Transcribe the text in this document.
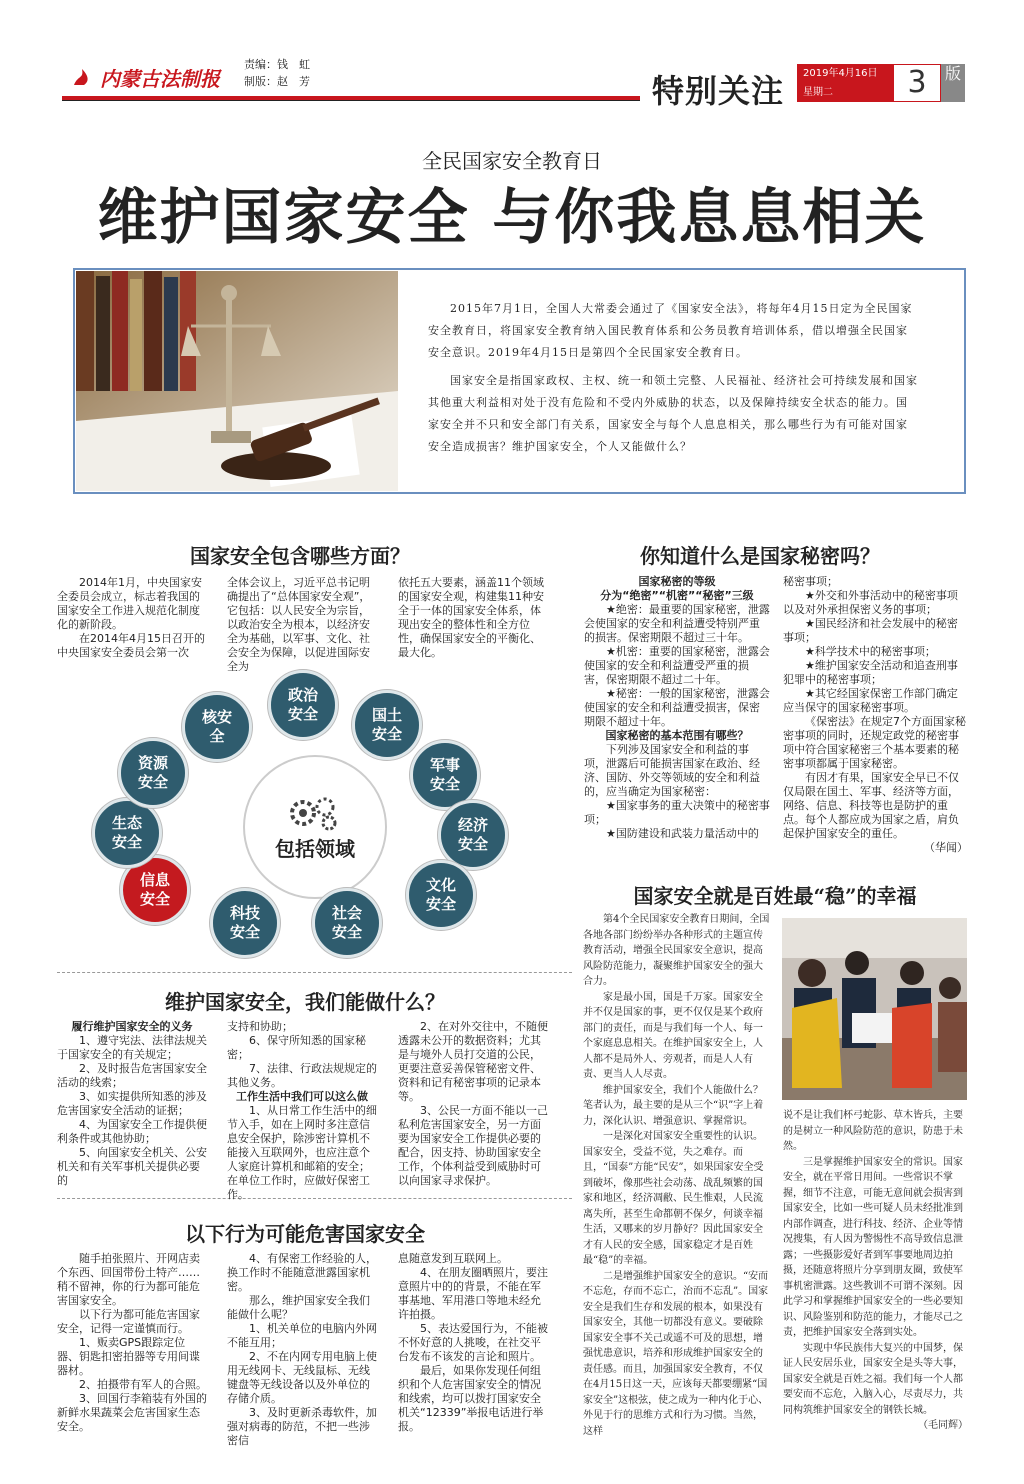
内蒙古法制报
责编：钱　虹
制版：赵　芳	特别关注 2019年4月16日
星期二	3	版
全民国家安全教育日
维护国家安全 与你我息息相关

2015年7月1日，全国人大常委会通过了《国家安全法》，将每年4月15日定为全民国家安全教育日，将国家安全教育纳入国民教育体系和公务员教育培训体系，借以增强全民国家安全意识。2019年4月15日是第四个全民国家安全教育日。

国家安全是指国家政权、主权、统一和领土完整、人民福祉、经济社会可持续发展和国家其他重大利益相对处于没有危险和不受内外威胁的状态，以及保障持续安全状态的能力。国家安全并不只和安全部门有关系，国家安全与每个人息息相关，那么哪些行为有可能对国家安全造成损害？维护国家安全，个人又能做什么？

国家安全包含哪些方面？

2014年1月，中央国家安全委员会成立，标志着我国的国家安全工作进入规范化制度化的新阶段。

在2014年4月15日召开的中央国家安全委员会第一次

全体会议上，习近平总书记明确提出了“总体国家安全观”，它包括：以人民安全为宗旨，以政治安全为根本，以经济安全为基础，以军事、文化、社会安全为保障，以促进国际安全为

依托五大要素，涵盖11个领域的国家安全观，构建集11种安全于一体的国家安全体系，体现出安全的整体性和全方位性，确保国家安全的平衡化、最大化。

包括领域
政治安全	国土安全
军事安全
经济安全
文化安全
社会安全
科技安全
信息安全
生态安全
资源安全
核安全
你知道什么是国家秘密吗？

国家秘密的等级

分为“绝密”“机密”“秘密”三级

★绝密：最重要的国家秘密，泄露会使国家的安全和利益遭受特别严重的损害。保密期限不超过三十年。

★机密：重要的国家秘密，泄露会使国家的安全和利益遭受严重的损害，保密期限不超过二十年。

★秘密：一般的国家秘密，泄露会使国家的安全和利益遭受损害，保密期限不超过十年。

国家秘密的基本范围有哪些？

下列涉及国家安全和利益的事项，泄露后可能损害国家在政治、经济、国防、外交等领域的安全和利益的，应当确定为国家秘密：

★国家事务的重大决策中的秘密事项；

★国防建设和武装力量活动中的

秘密事项；

★外交和外事活动中的秘密事项以及对外承担保密义务的事项；

★国民经济和社会发展中的秘密事项；

★科学技术中的秘密事项；

★维护国家安全活动和追查刑事犯罪中的秘密事项；

★其它经国家保密工作部门确定应当保守的国家秘密事项。

《保密法》在规定7个方面国家秘密事项的同时，还规定政党的秘密事项中符合国家秘密三个基本要素的秘密事项都属于国家秘密。

有因才有果，国家安全早已不仅仅局限在国土、军事、经济等方面，网络、信息、科技等也是防护的重点。每个人都应成为国家之盾，肩负起保护国家安全的重任。

（华闻）

维护国家安全，我们能做什么？

履行维护国家安全的义务

1、遵守宪法、法律法规关于国家安全的有关规定；

2、及时报告危害国家安全活动的线索；

3、如实提供所知悉的涉及危害国家安全活动的证据；

4、为国家安全工作提供便利条件或其他协助；

5、向国家安全机关、公安机关和有关军事机关提供必要的

支持和协助；

6、保守所知悉的国家秘密；

7、法律、行政法规规定的其他义务。

工作生活中我们可以这么做

1、从日常工作生活中的细节入手，如在上网时多注意信息安全保护，除涉密计算机不能接入互联网外，也应注意个人家庭计算机和邮箱的安全；在单位工作时，应做好保密工作。

2、在对外交往中，不随便透露未公开的数据资料；尤其是与境外人员打交道的公民，更要注意妥善保管秘密文件、资料和记有秘密事项的记录本等。

3、公民一方面不能以一己私利危害国家安全，另一方面要为国家安全工作提供必要的配合，因支持、协助国家安全工作，个体利益受到威胁时可以向国家寻求保护。

以下行为可能危害国家安全

随手拍张照片、开网店卖个东西、回国带份土特产……稍不留神，你的行为都可能危害国家安全。

以下行为都可能危害国家安全，记得一定谨慎而行。

1、贩卖GPS跟踪定位器、钥匙扣密拍器等专用间谍器材。

2、拍摄带有军人的合照。

3、回国行李箱装有外国的新鲜水果蔬菜会危害国家生态安全。

4、有保密工作经验的人，换工作时不能随意泄露国家机密。

那么，维护国家安全我们能做什么呢？

1、机关单位的电脑内外网不能互用；

2、不在内网专用电脑上使用无线网卡、无线鼠标、无线键盘等无线设备以及外单位的存储介质。

3、及时更新杀毒软件，加强对病毒的防范，不把一些涉密信

息随意发到互联网上。

4、在朋友圈晒照片，要注意照片中的的背景，不能在军事基地、军用港口等地未经允许拍摄。

5、表达爱国行为，不能被不怀好意的人挑唆，在社交平台发布不该发的言论和照片。

最后，如果你发现任何组织和个人危害国家安全的情况和线索，均可以拨打国家安全机关“12339”举报电话进行举报。

国家安全就是百姓最“稳”的幸福

第4个全民国家安全教育日期间，全国各地各部门纷纷举办各种形式的主题宣传教育活动，增强全民国家安全意识，提高风险防范能力，凝聚维护国家安全的强大合力。

家是最小国，国是千万家。国家安全并不仅是国家的事，更不仅仅是某个政府部门的责任，而是与我们每一个人、每一个家庭息息相关。在维护国家安全上，人人都不是局外人、旁观者，而是人人有责、更当人人尽责。

维护国家安全，我们个人能做什么？笔者认为，最主要的是从三个“识”字上着力，深化认识、增强意识、掌握常识。

一是深化对国家安全重要性的认识。国家安全，受益不觉，失之难存。而且，“国泰”方能“民安”，如果国家安全受到破坏，像那些社会动荡、战乱频繁的国家和地区，经济凋敝、民生惟艰，人民流离失所，甚至生命都朝不保夕，何谈幸福生活，又哪来的岁月静好？因此国家安全才有人民的安全感，国家稳定才是百姓最“稳”的幸福。

二是增强维护国家安全的意识。“安而不忘危，存而不忘亡，治而不忘乱”。国家安全是我们生存和发展的根本，如果没有国家安全，其他一切都没有意义。要破除国家安全事不关己或遥不可及的思想，增强忧患意识，培养和形成维护国家安全的责任感。而且，加强国家安全教育，不仅在4月15日这一天，应该每天都要绷紧“国家安全”这根弦，使之成为一种内化于心、外见于行的思维方式和行为习惯。当然，这样

说不是让我们杯弓蛇影、草木皆兵，主要的是树立一种风险防范的意识，防患于未然。

三是掌握维护国家安全的常识。国家安全，就在平常日用间。一些常识不掌握，细节不注意，可能无意间就会损害到国家安全，比如一些可疑人员未经批准到内部作调查，进行科技、经济、企业等情况搜集，有人因为警惕性不高导致信息泄露；一些摄影爱好者到军事要地周边拍摄，还随意将照片分享到朋友圈，致使军事机密泄露。这些教训不可谓不深刻。因此学习和掌握维护国家安全的一些必要知识、风险鉴别和防范的能力，才能尽己之责，把维护国家安全落到实处。

实现中华民族伟大复兴的中国梦，保证人民安居乐业，国家安全是头等大事，国家安全就是百姓之福。我们每一个人都要安而不忘危，入脑入心，尽责尽力，共同构筑维护国家安全的钢铁长城。

（毛同辉）
